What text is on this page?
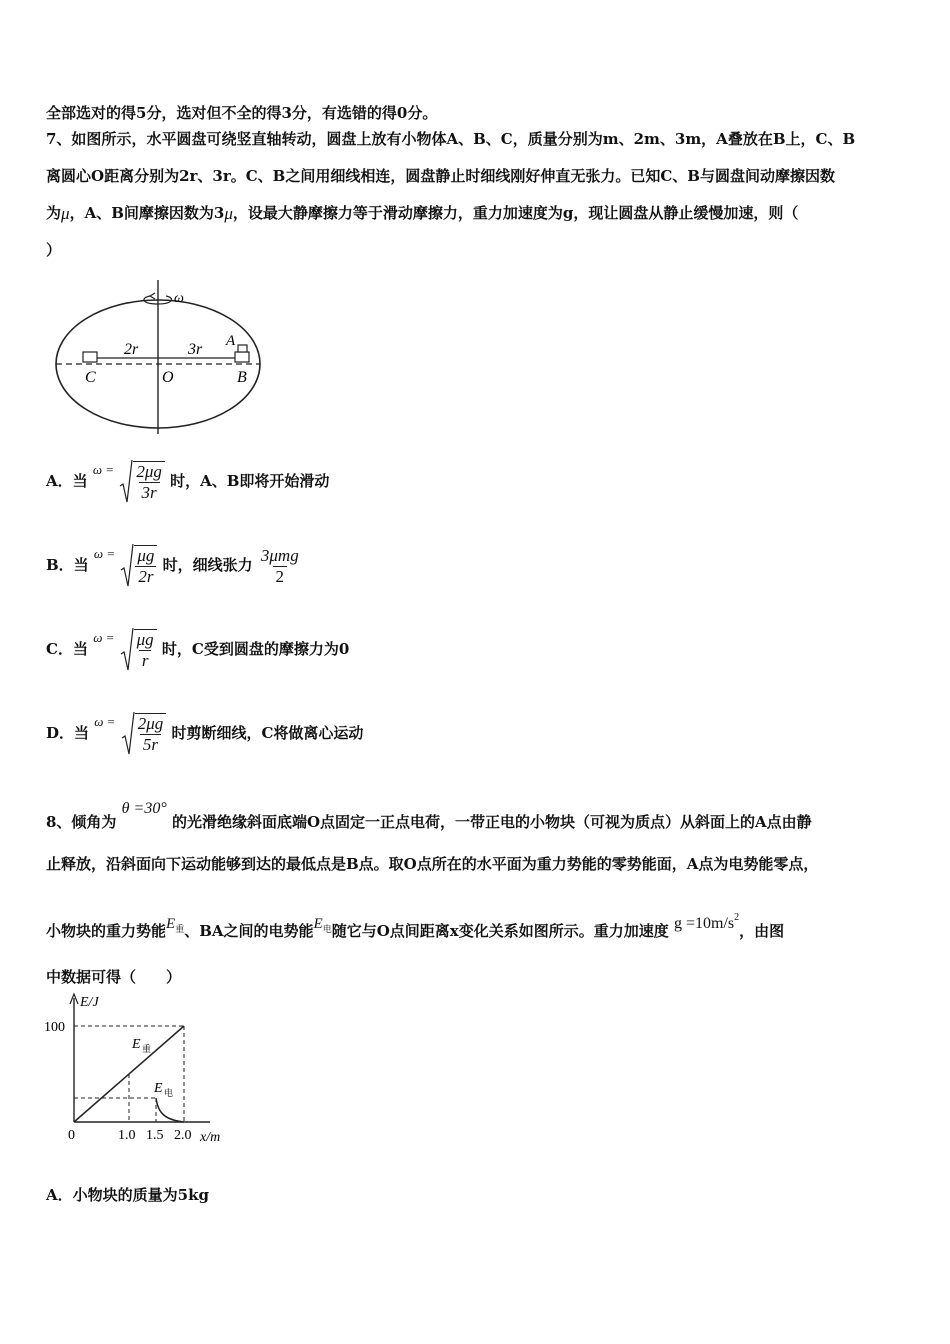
全部选对的得5分，选对但不全的得3分，有选错的得0分。
7、如图所示，水平圆盘可绕竖直轴转动，圆盘上放有小物体A、B、C，质量分别为m、2m、3m，A叠放在B上，C、B
离圆心O距离分别为2r、3r。C、B之间用细线相连，圆盘静止时细线刚好伸直无张力。已知C、B与圆盘间动摩擦因数
为μ，A、B间摩擦因数为3μ，设最大静摩擦力等于滑动摩擦力，重力加速度为g，现让圆盘从静止缓慢加速，则（
）
ω
2r	3r A
C	O	B
A．当 $\omega = \frac{2\mu g}{3r}$ 时，A、B即将开始滑动
B．当 $\omega = \frac{\mu g}{2r}$ 时，细线张力 $\frac{\text{3μmg}}{2}$
C．当 $\omega = \frac{\mu g}{r}$ 时，C受到圆盘的摩擦力为0
D．当 $\omega = \frac{2\mu g}{5r}$ 时剪断细线，C将做离心运动
8、倾角为 θ =30° 的光滑绝缘斜面底端O点固定一正点电荷，一带正电的小物块（可视为质点）从斜面上的A点由静
止释放，沿斜面向下运动能够到达的最低点是B点。取O点所在的水平面为重力势能的零势能面，A点为电势能零点，
小物块的重力势能$E^重$、BA之间的电势能$E^电$随它与O点间距离x变化关系如图所示。重力加速度 $g =10m/s^2$，由图
中数据可得（　　）
E/J
100
0	1.0 1.5 2.0 x/m
E 重
E 电
A．小物块的质量为5kg
